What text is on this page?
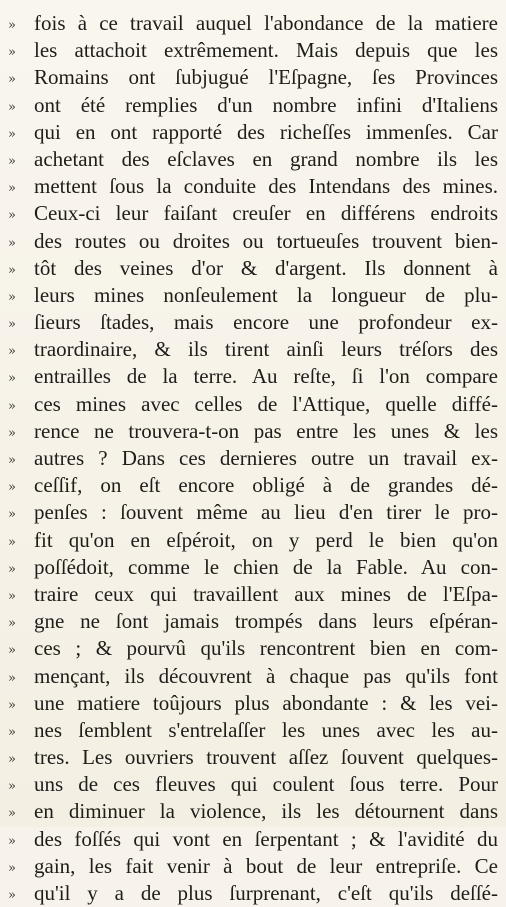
» fois à ce travail auquel l'abondance de la matiere
» les attachoit extrêmement. Mais depuis que les
» Romains ont ſubjugué l'Eſpagne, ſes Provinces
» ont été remplies d'un nombre infini d'Italiens
» qui en ont rapporté des richeſſes immenſes. Car
» achetant des eſclaves en grand nombre ils les
» mettent ſous la conduite des Intendans des mines.
» Ceux-ci leur faiſant creuſer en différens endroits
» des routes ou droites ou tortueuſes trouvent bien-
» tôt des veines d'or & d'argent. Ils donnent à
» leurs mines nonſeulement la longueur de plu-
» ſieurs ſtades, mais encore une profondeur ex-
» traordinaire, & ils tirent ainſi leurs tréſors des
» entrailles de la terre. Au reſte, ſi l'on compare
» ces mines avec celles de l'Attique, quelle diffé-
» rence ne trouvera-t-on pas entre les unes & les
» autres ? Dans ces dernieres outre un travail ex-
» ceſſif, on eſt encore obligé à de grandes dé-
» penſes : ſouvent même au lieu d'en tirer le pro-
» fit qu'on en eſpéroit, on y perd le bien qu'on
» poſſédoit, comme le chien de la Fable. Au con-
» traire ceux qui travaillent aux mines de l'Eſpa-
» gne ne ſont jamais trompés dans leurs eſpéran-
» ces ; & pourvû qu'ils rencontrent bien en com-
» mençant, ils découvrent à chaque pas qu'ils font
» une matiere toûjours plus abondante : & les vei-
» nes ſemblent s'entrelaſſer les unes avec les au-
» tres. Les ouvriers trouvent aſſez ſouvent quelques-
» uns de ces fleuves qui coulent ſous terre. Pour
» en diminuer la violence, ils les détournent dans
» des foſſés qui vont en ſerpentant ; & l'avidité du
» gain, les fait venir à bout de leur entrepriſe. Ce
» qu'il y a de plus ſurprenant, c'eſt qu'ils deſſé-
